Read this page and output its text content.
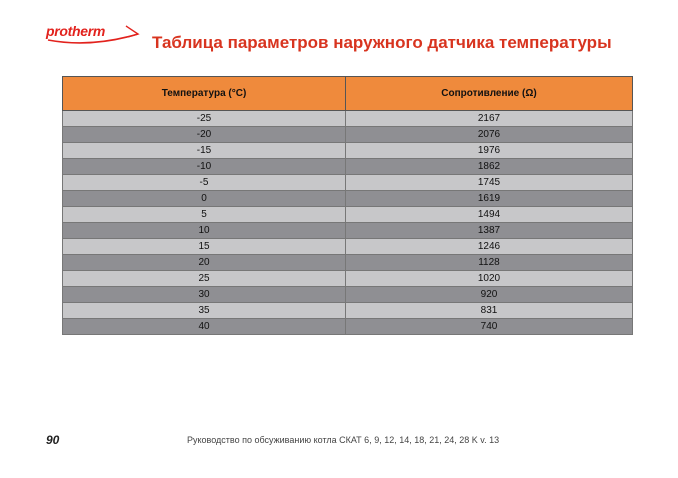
protherm
Таблица параметров наружного датчика температуры
Температура (°C)	Сопротивление (Ω)
-25	2167
-20	2076
-15	1976
-10	1862
-5	1745
0	1619
5	1494
10	1387
15	1246
20	1128
25	1020
30	920
35	831
40	740
90	Руководство по обсуживанию котла СКАТ 6, 9, 12, 14, 18, 21, 24, 28 K v. 13
